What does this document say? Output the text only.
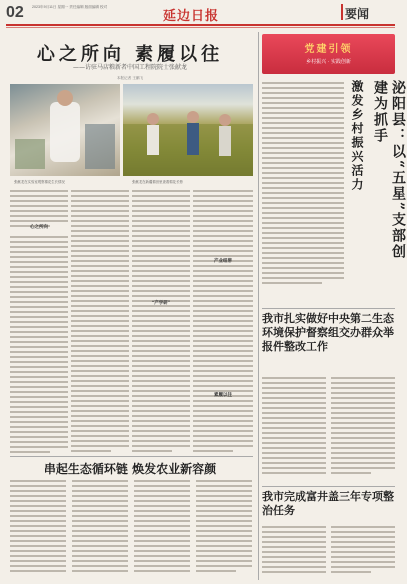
02 2023年9月11日 星期一 责任编辑 版面编辑 校对
延边日报	要闻
心之所向 素履以往
——访驻马店粮新者中国工程院院士张献龙
本报记者 王鹏飞
张献龙在实验室观察棉花生长情况	张献龙在新疆棉田里查看棉花长势
心之所向
“产学研”
产业纽带
素履以往
串起生态循环链 焕发农业新容颜
党建引领
乡村振兴 · 实践创新
泌阳县：以“五星”支部创建为抓手
激发乡村振兴活力
我市扎实做好中央第二生态环境保护督察组交办群众举报件整改工作
我市完成富井盖三年专项整治任务
